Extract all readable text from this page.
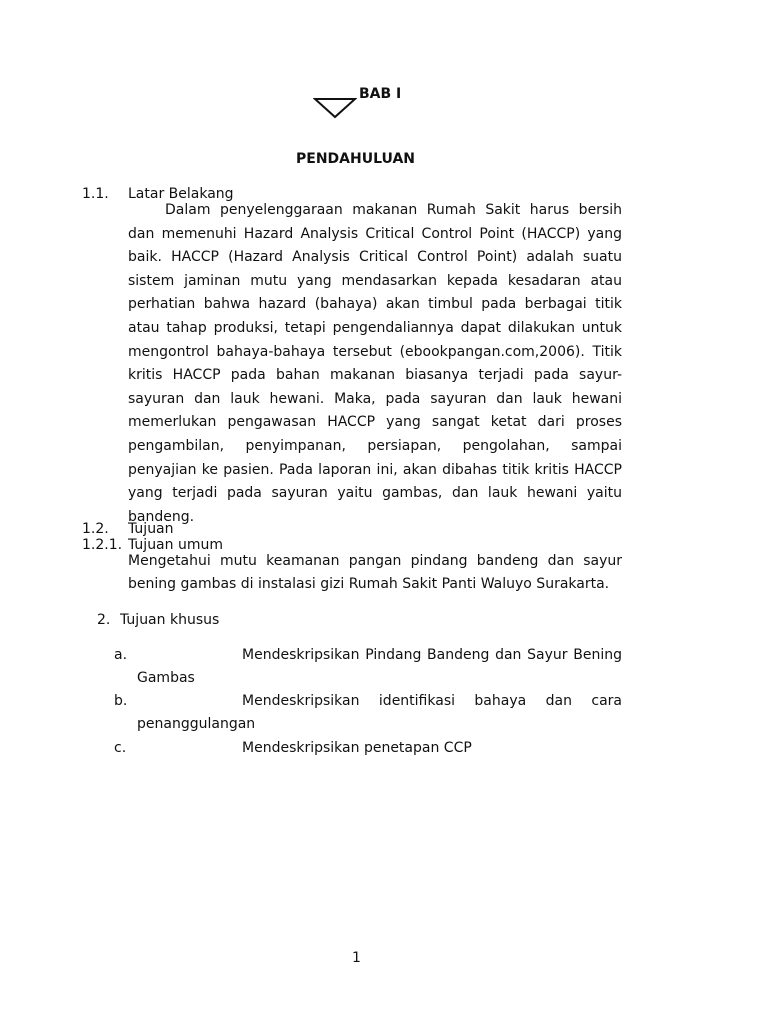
BAB I
PENDAHULUAN
1.1. Latar Belakang
Dalam penyelenggaraan makanan Rumah Sakit harus bersih
dan memenuhi Hazard Analysis Critical Control Point (HACCP) yang
baik. HACCP (Hazard Analysis Critical Control Point) adalah suatu
sistem jaminan mutu yang mendasarkan kepada kesadaran atau
perhatian bahwa hazard (bahaya) akan timbul pada berbagai titik
atau tahap produksi, tetapi pengendaliannya dapat dilakukan untuk
mengontrol bahaya-bahaya tersebut (ebookpangan.com,2006). Titik
kritis HACCP pada bahan makanan biasanya terjadi pada sayur-
sayuran dan lauk hewani. Maka, pada sayuran dan lauk hewani
memerlukan pengawasan HACCP yang sangat ketat dari proses
pengambilan, penyimpanan, persiapan, pengolahan, sampai
penyajian ke pasien. Pada laporan ini, akan dibahas titik kritis HACCP
yang terjadi pada sayuran yaitu gambas, dan lauk hewani yaitu
bandeng.
1.2. Tujuan
1.2.1. Tujuan umum
Mengetahui mutu keamanan pangan pindang bandeng dan sayur
bening gambas di instalasi gizi Rumah Sakit Panti Waluyo Surakarta.
2. Tujuan khusus
a.	Mendeskripsikan Pindang Bandeng dan Sayur Bening
Gambas
b.	Mendeskripsikan identifikasi bahaya dan cara
penanggulangan
c.	Mendeskripsikan penetapan CCP
1
